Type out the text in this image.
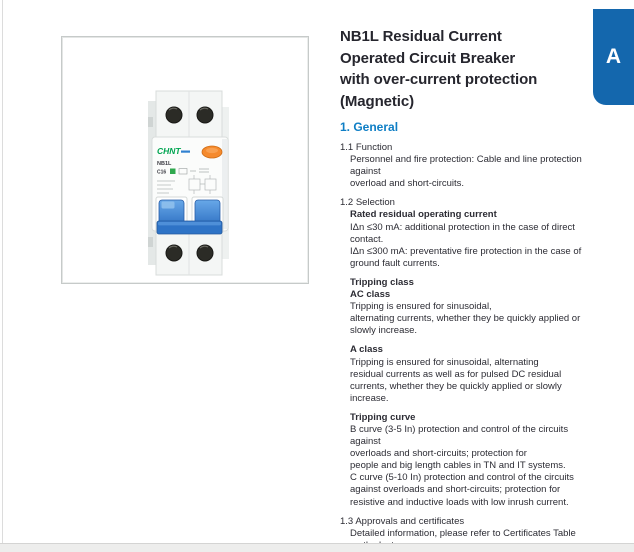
CHNT
NB1L
C16
NB1L Residual Current
Operated Circuit Breaker
with over-current protection
(Magnetic)
1. General
1.1 Function
Personnel and fire protection: Cable and line protection
against
overload and short-circuits.
1.2 Selection
Rated residual operating current
IΔn ≤30 mA: additional protection in the case of direct
contact.
IΔn ≤300 mA: preventative fire protection in the case of
ground fault currents.
Tripping class
AC class
Tripping is ensured for sinusoidal,
alternating currents, whether they be quickly applied or
slowly increase.
A class
Tripping is ensured for sinusoidal, alternating
residual currents as well as for pulsed DC residual
currents, whether they be quickly applied or slowly
increase.
Tripping curve
B curve (3-5 In) protection and control of the circuits against
overloads and short-circuits; protection for
people and big length cables in TN and IT systems.
C curve (5-10 In) protection and control of the circuits
against overloads and short-circuits; protection for
resistive and inductive loads with low inrush current.
1.3 Approvals and certificates
Detailed information, please refer to Certificates Table
A
